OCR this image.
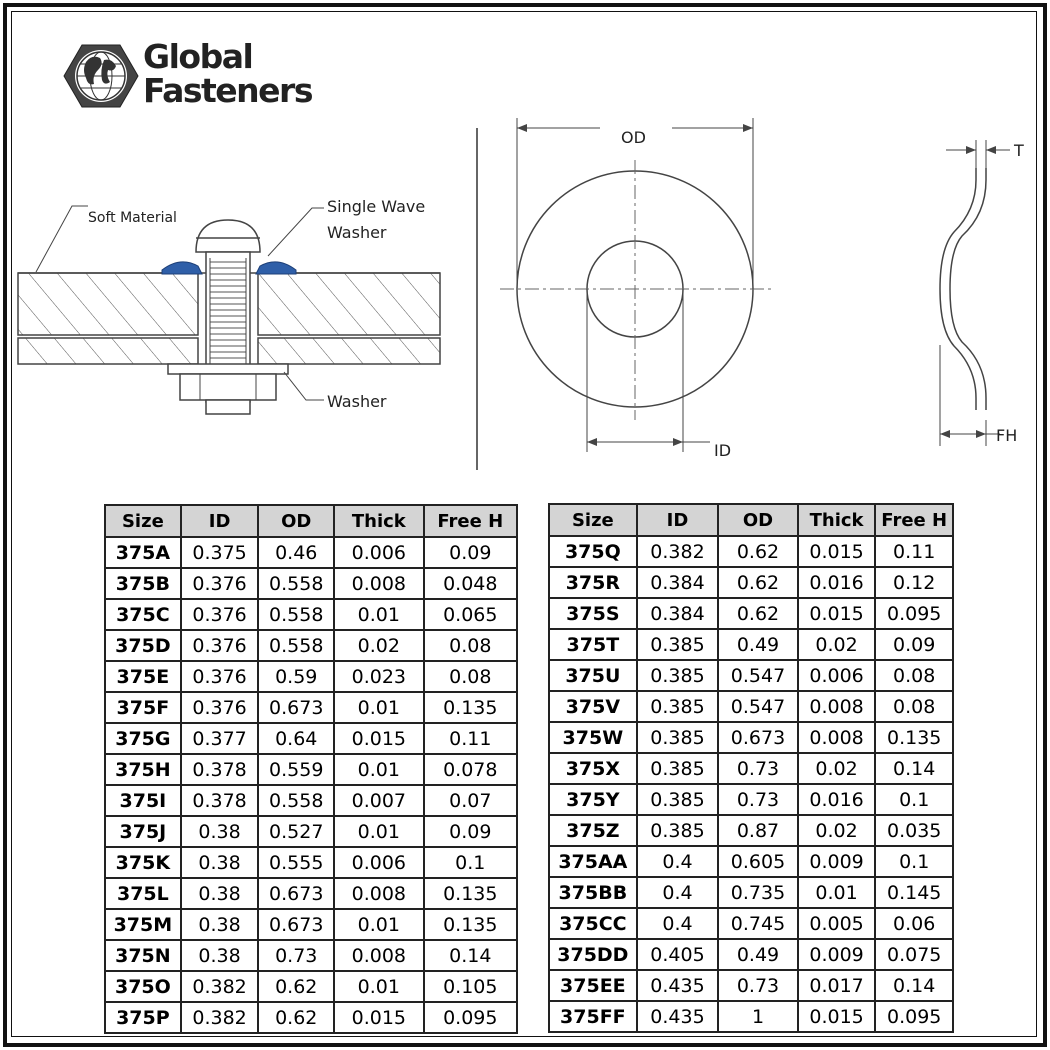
Global
Fasteners
Soft Material
Single Wave
Washer
Washer
OD
ID
T
FH
Size	ID	OD	Thick	Free H
375A	0.375	0.46	0.006	0.09
375B	0.376	0.558	0.008	0.048
375C	0.376	0.558	0.01	0.065
375D	0.376	0.558	0.02	0.08
375E	0.376	0.59	0.023	0.08
375F	0.376	0.673	0.01	0.135
375G	0.377	0.64	0.015	0.11
375H	0.378	0.559	0.01	0.078
375I	0.378	0.558	0.007	0.07
375J	0.38	0.527	0.01	0.09
375K	0.38	0.555	0.006	0.1
375L	0.38	0.673	0.008	0.135
375M	0.38	0.673	0.01	0.135
375N	0.38	0.73	0.008	0.14
375O	0.382	0.62	0.01	0.105
375P	0.382	0.62	0.015	0.095
Size	ID	OD	Thick	Free H
375Q	0.382	0.62	0.015	0.11
375R	0.384	0.62	0.016	0.12
375S	0.384	0.62	0.015	0.095
375T	0.385	0.49	0.02	0.09
375U	0.385	0.547	0.006	0.08
375V	0.385	0.547	0.008	0.08
375W	0.385	0.673	0.008	0.135
375X	0.385	0.73	0.02	0.14
375Y	0.385	0.73	0.016	0.1
375Z	0.385	0.87	0.02	0.035
375AA	0.4	0.605	0.009	0.1
375BB	0.4	0.735	0.01	0.145
375CC	0.4	0.745	0.005	0.06
375DD	0.405	0.49	0.009	0.075
375EE	0.435	0.73	0.017	0.14
375FF	0.435	1	0.015	0.095
